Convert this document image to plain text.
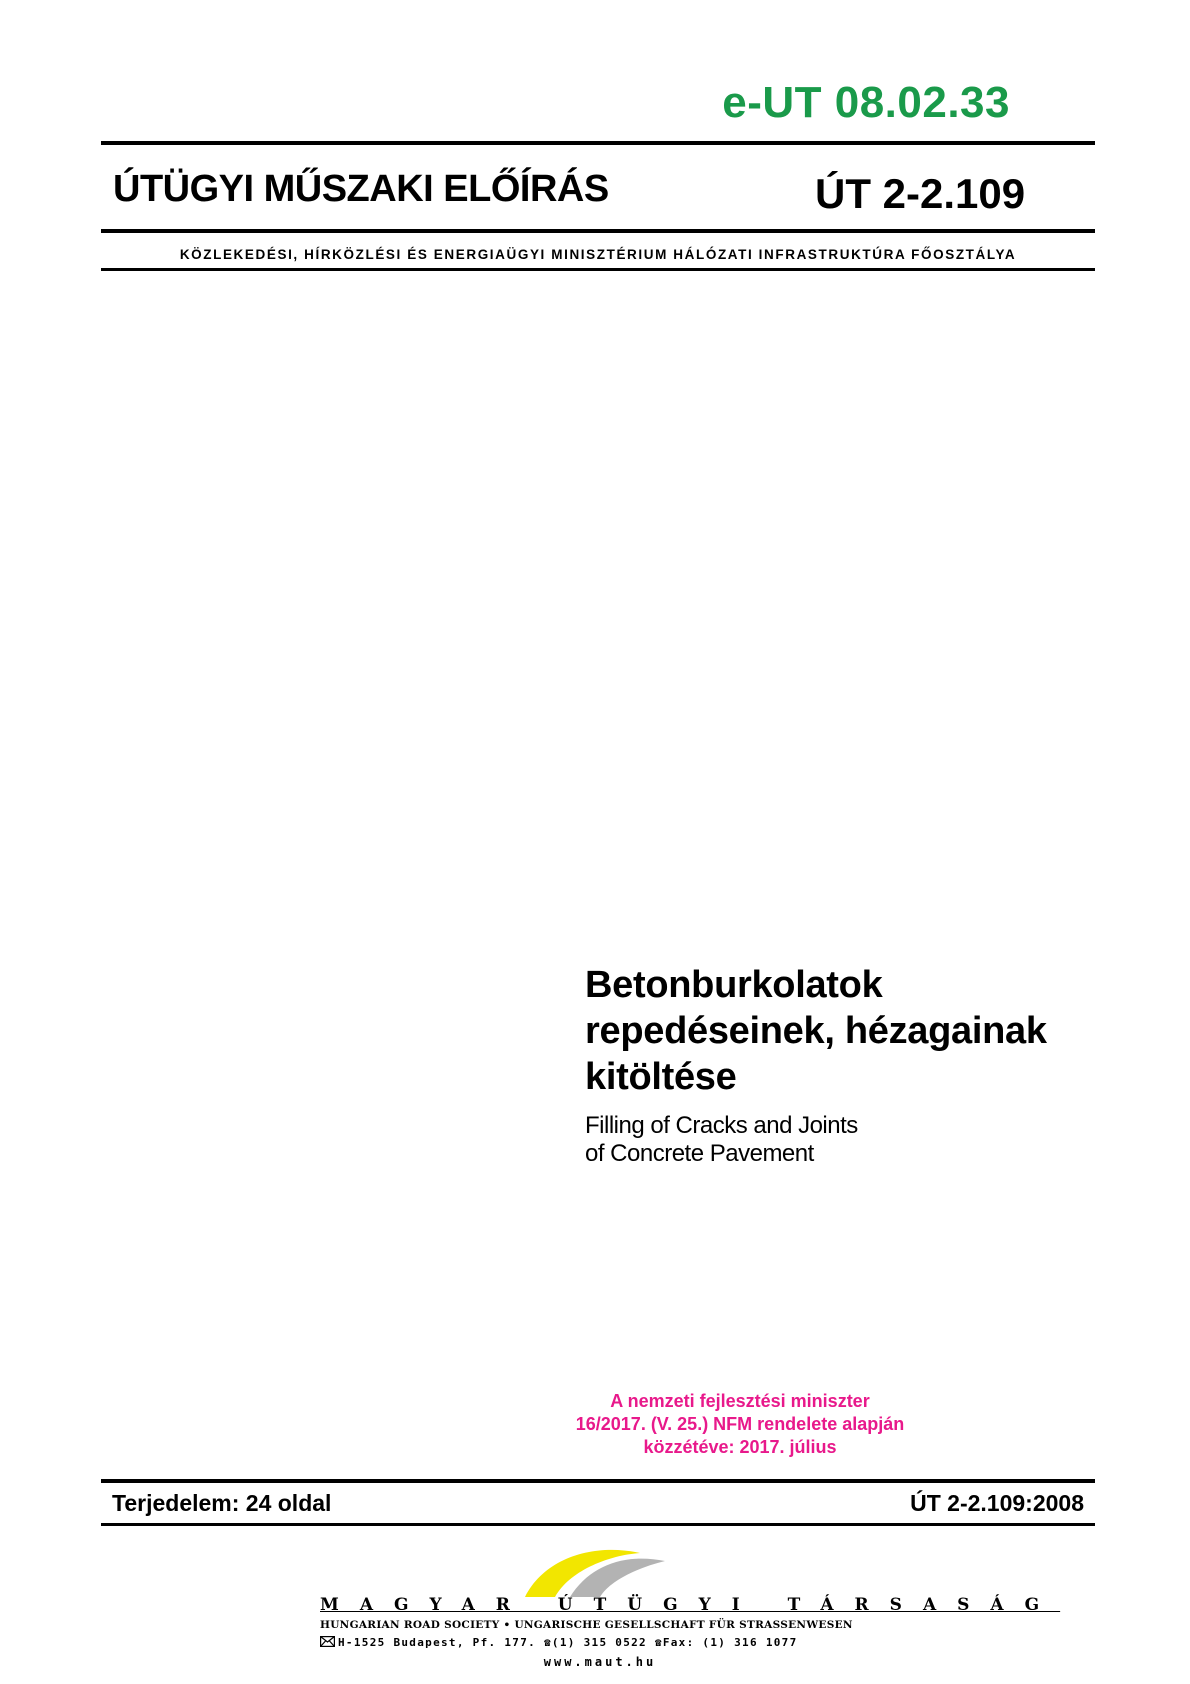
e-UT 08.02.33
ÚTÜGYI MŰSZAKI ELŐÍRÁS	ÚT 2-2.109
KÖZLEKEDÉSI, HÍRKÖZLÉSI ÉS ENERGIAÜGYI MINISZTÉRIUM HÁLÓZATI INFRASTRUKTÚRA FŐOSZTÁLYA
Betonburkolatok
repedéseinek, hézagainak
kitöltése
Filling of Cracks and Joints
of Concrete Pavement
A nemzeti fejlesztési miniszter
16/2017. (V. 25.) NFM rendelete alapján
közzétéve: 2017. július
Terjedelem: 24 oldal	ÚT 2-2.109:2008
MAGYAR ÚTÜGYI TÁRSASÁG
HUNGARIAN ROAD SOCIETY • UNGARISCHE GESELLSCHAFT FÜR STRASSENWESEN
H-1525 Budapest, Pf. 177. ☎(1) 315 0522 ☎Fax: (1) 316 1077
www.maut.hu
